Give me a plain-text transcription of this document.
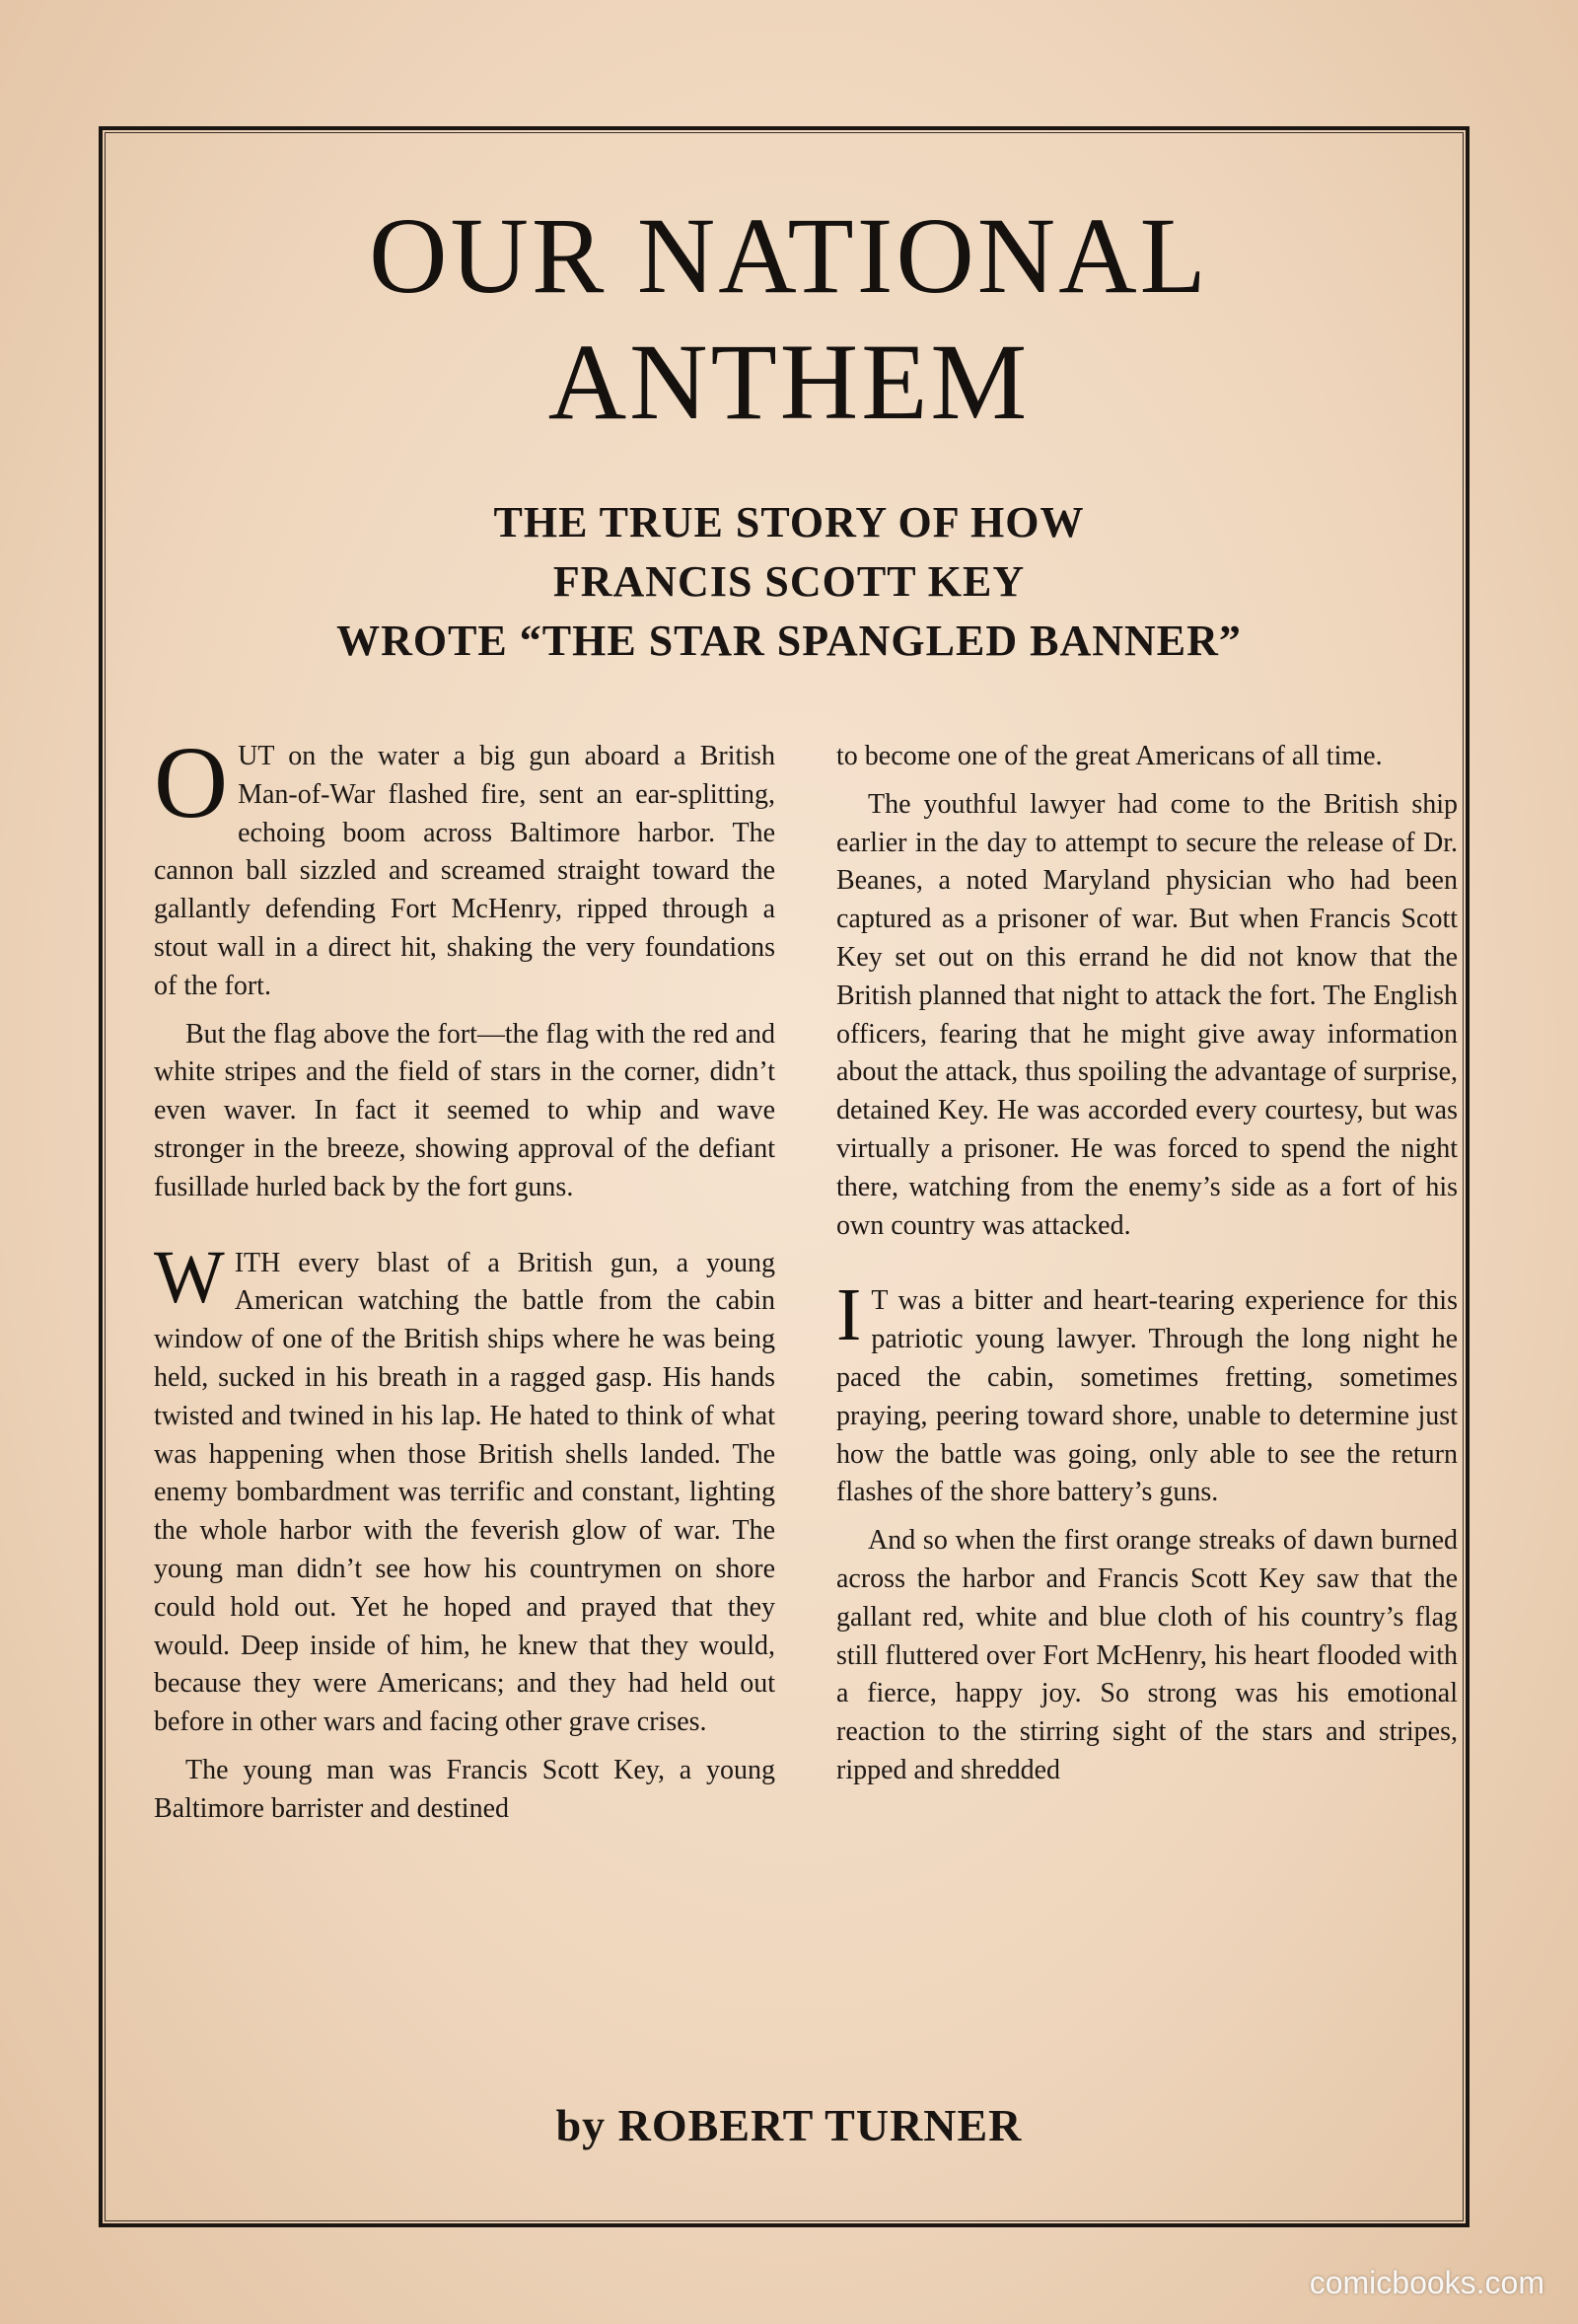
OUR NATIONAL
ANTHEM
THE TRUE STORY OF HOW
FRANCIS SCOTT KEY
WROTE “THE STAR SPANGLED BANNER”

OUT on the water a big gun aboard a British Man-of-War flashed fire, sent an ear-splitting, echoing boom across Baltimore harbor. The cannon ball sizzled and screamed straight toward the gallantly defending Fort McHenry, ripped through a stout wall in a direct hit, shaking the very foundations of the fort.

But the flag above the fort—the flag with the red and white stripes and the field of stars in the corner, didn’t even waver. In fact it seemed to whip and wave stronger in the breeze, showing approval of the defiant fusillade hurled back by the fort guns.

WITH every blast of a British gun, a young American watching the battle from the cabin window of one of the British ships where he was being held, sucked in his breath in a ragged gasp. His hands twisted and twined in his lap. He hated to think of what was happening when those British shells landed. The enemy bombardment was terrific and constant, lighting the whole harbor with the feverish glow of war. The young man didn’t see how his countrymen on shore could hold out. Yet he hoped and prayed that they would. Deep inside of him, he knew that they would, because they were Americans; and they had held out before in other wars and facing other grave crises.

The young man was Francis Scott Key, a young Baltimore barrister and destined

to become one of the great Americans of all time.

The youthful lawyer had come to the British ship earlier in the day to attempt to secure the release of Dr. Beanes, a noted Maryland physician who had been captured as a prisoner of war. But when Francis Scott Key set out on this errand he did not know that the British planned that night to attack the fort. The English officers, fearing that he might give away information about the attack, thus spoiling the advantage of surprise, detained Key. He was accorded every courtesy, but was virtually a prisoner. He was forced to spend the night there, watching from the enemy’s side as a fort of his own country was attacked.

I T was a bitter and heart-tearing experience for this patriotic young lawyer. Through the long night he paced the cabin, sometimes fretting, sometimes praying, peering toward shore, unable to determine just how the battle was going, only able to see the return flashes of the shore battery’s guns.

And so when the first orange streaks of dawn burned across the harbor and Francis Scott Key saw that the gallant red, white and blue cloth of his country’s flag still fluttered over Fort McHenry, his heart flooded with a fierce, happy joy. So strong was his emotional reaction to the stirring sight of the stars and stripes, ripped and shredded

by ROBERT TURNER
comicbooks.com
